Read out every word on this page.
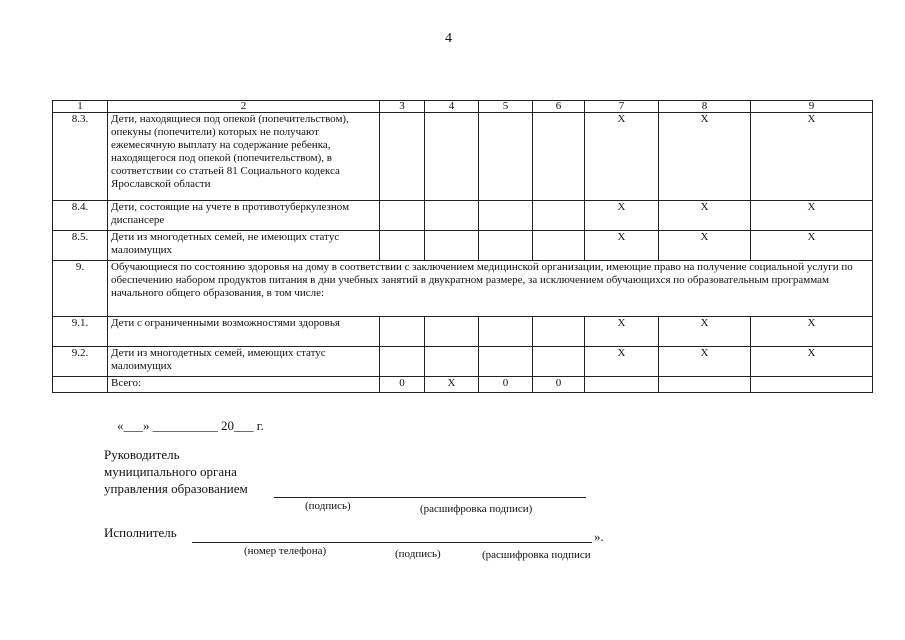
4
1	2	3	4	5	6	7	8	9
8.3.	Дети, находящиеся под опекой (попечительством), опекуны (попечители) которых не получают ежемесячную выплату на содержание ребенка, находящегося под опекой (попечительством), в соответствии со статьей 81 Социального кодекса Ярославской области					X	X	X
8.4.	Дети, состоящие на учете в противотуберкулезном диспансере					X	X	X
8.5.	Дети из многодетных семей, не имеющих статус малоимущих					X	X	X
9.	Обучающиеся по состоянию здоровья на дому в соответствии с заключением медицинской организации, имеющие право на получение социальной услуги по обеспечению набором продуктов питания в дни учебных занятий в двукратном размере, за исключением обучающихся по образовательным программам начального общего образования, в том числе:							
9.1.	Дети с ограниченными возможностями здоровья					X	X	X
9.2.	Дети из многодетных семей, имеющих статус малоимущих					X	X	X
	Всего:	0	X	0	0			
«___» __________ 20___ г.
Руководитель
муниципального органа
управления образованием
(подпись)	(расшифровка подписи)
Исполнитель	».
(номер телефона)	(подпись)	(расшифровка подписи
